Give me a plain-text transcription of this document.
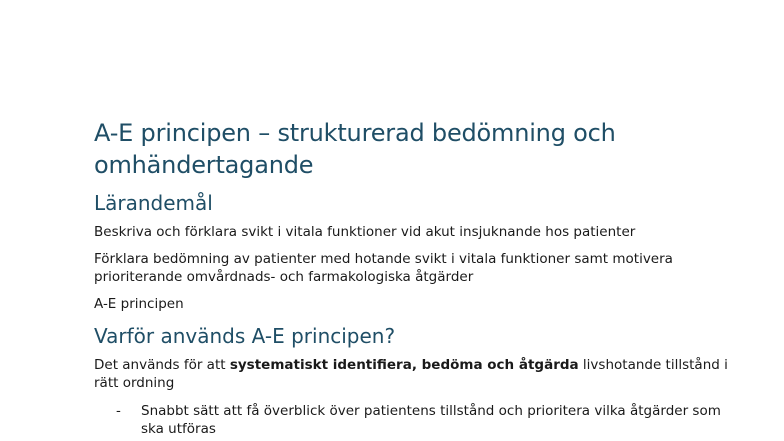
A-E principen – strukturerad bedömning och omhändertagande
Lärandemål

Beskriva och förklara svikt i vitala funktioner vid akut insjuknande hos patienter

Förklara bedömning av patienter med hotande svikt i vitala funktioner samt motivera prioriterande omvårdnads- och farmakologiska åtgärder

A-E principen

Varför används A-E principen?

Det används för att systematiskt identifiera, bedöma och åtgärda livshotande tillstånd i rätt ordning

- Snabbt sätt att få överblick över patientens tillstånd och prioritera vilka åtgärder som ska utföras
